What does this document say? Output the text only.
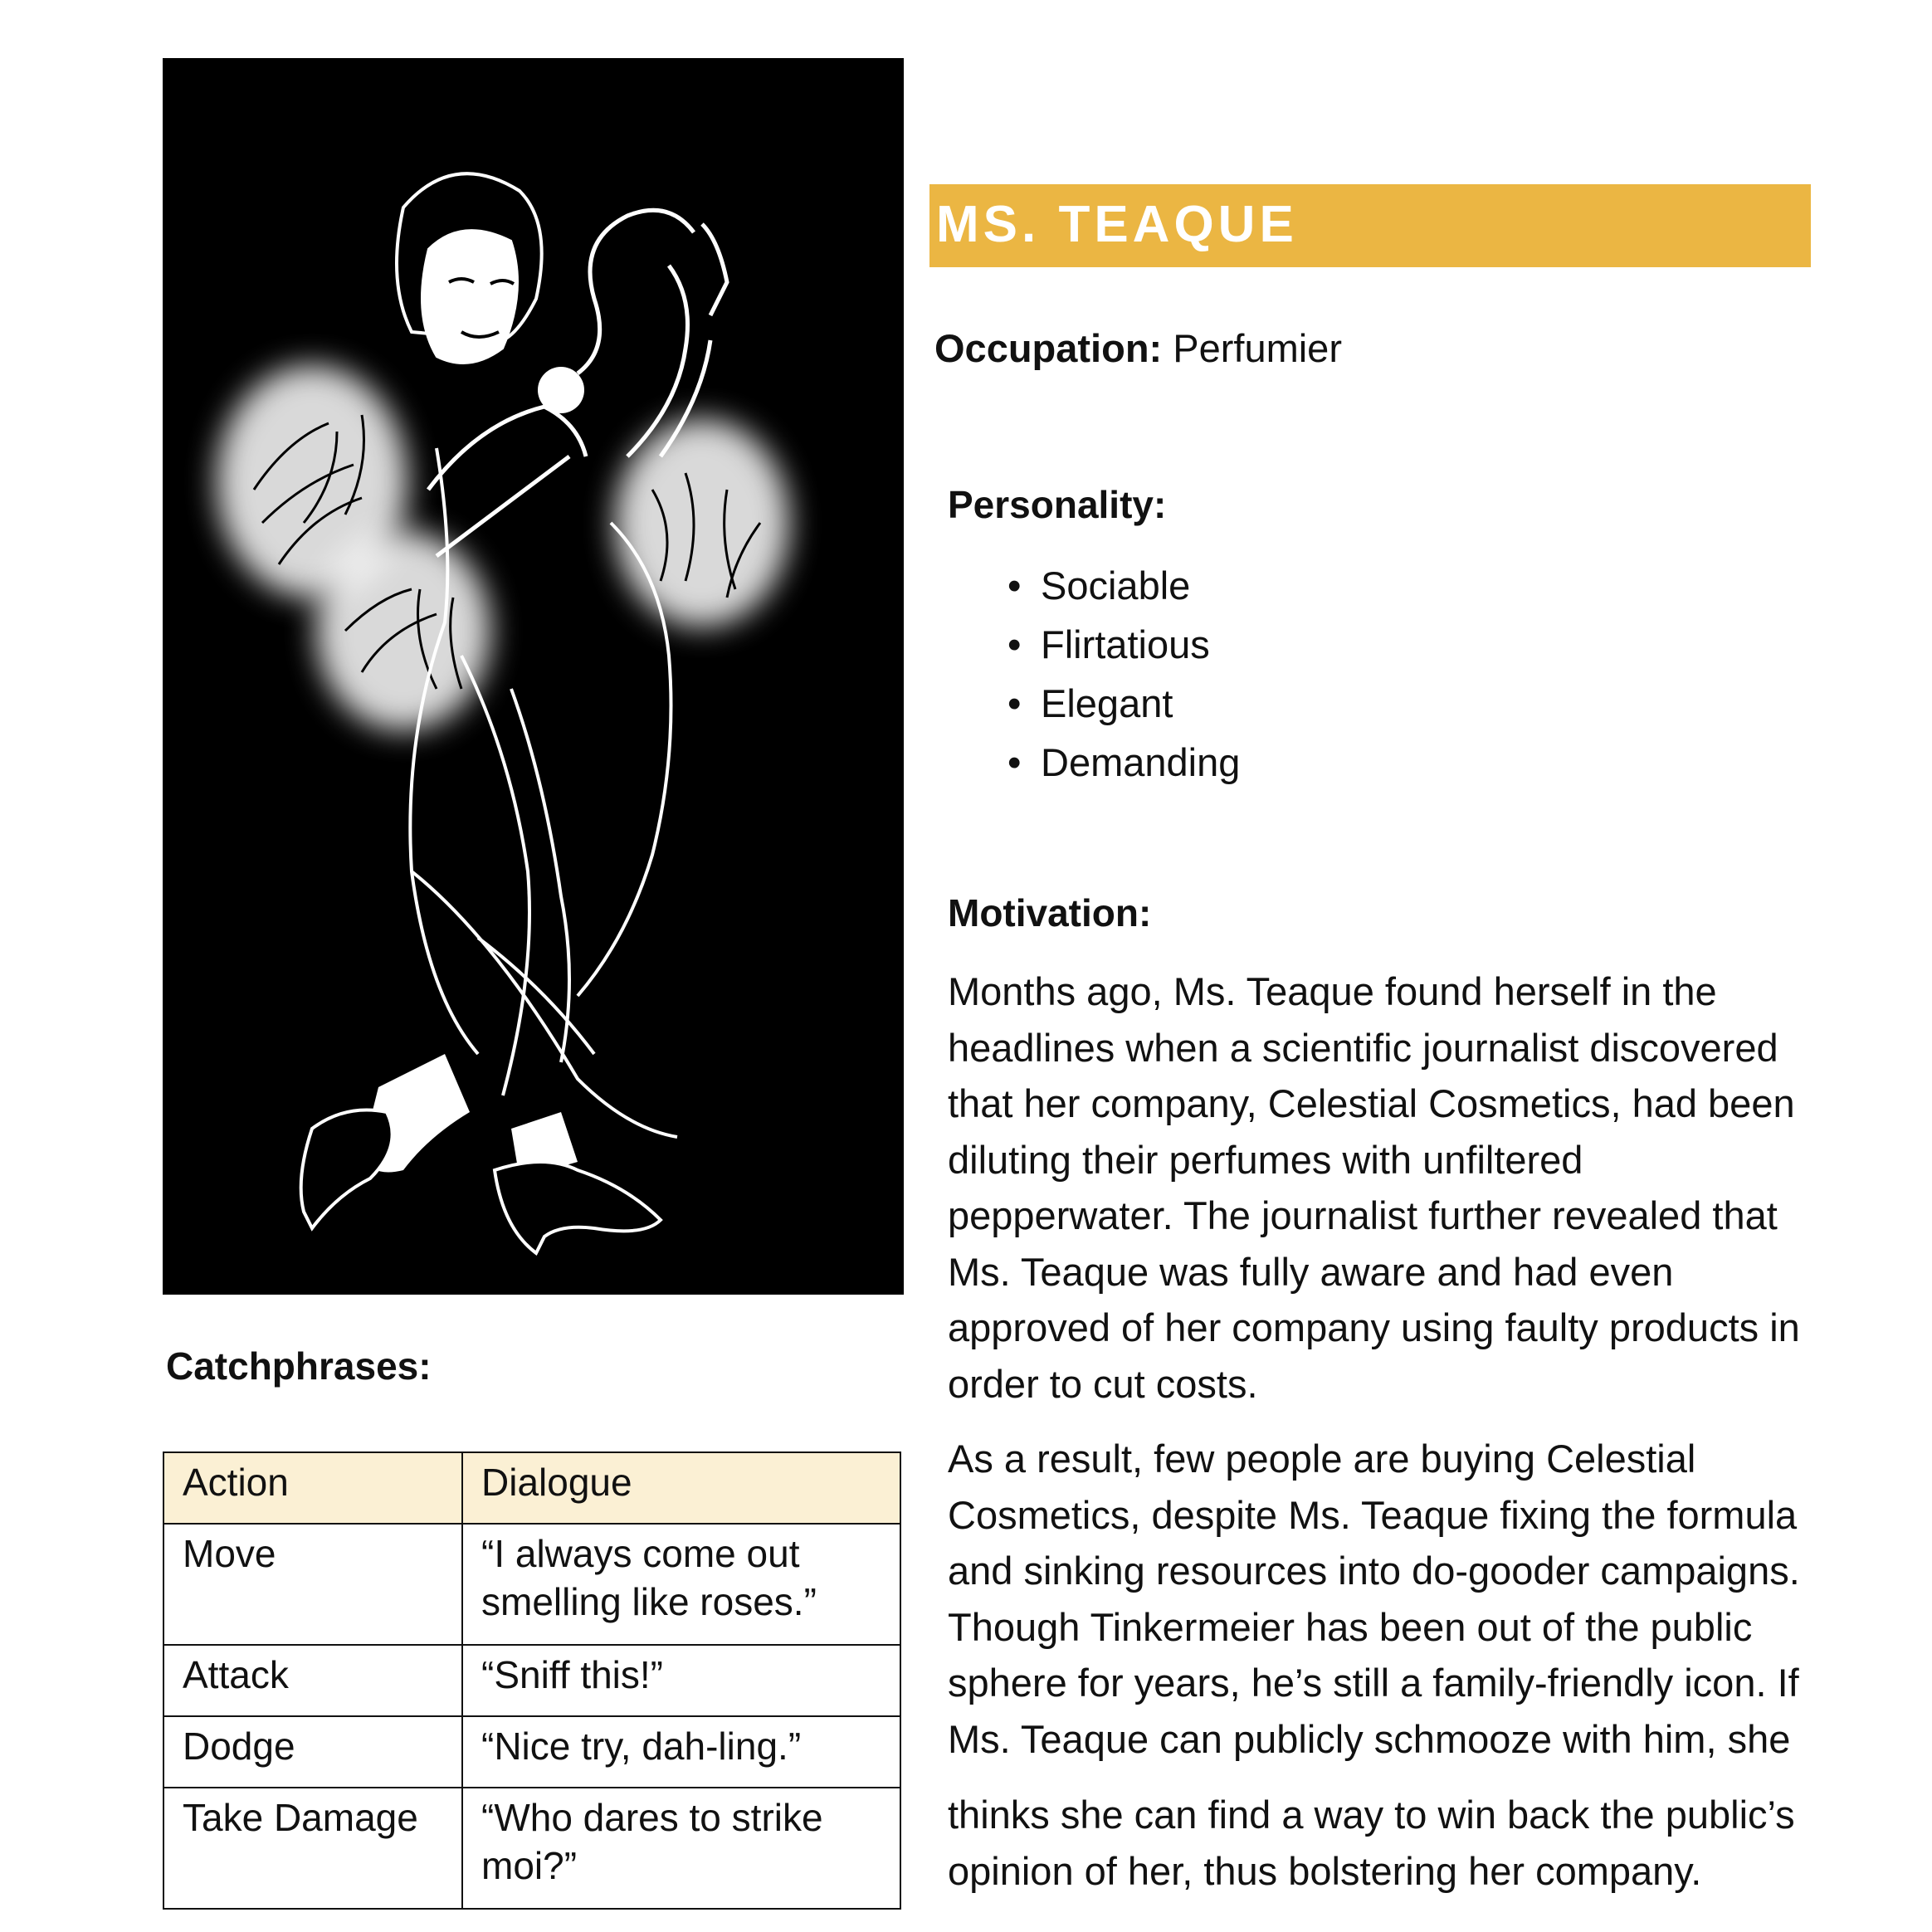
MS. TEAQUE
Occupation: Perfumier
Personality:
• Sociable
• Flirtatious
• Elegant
• Demanding
Motivation:

Months ago, Ms. Teaque found herself in the headlines when a scientific journalist discovered that her company, Celestial Cosmetics, had been diluting their perfumes with unfiltered pepperwater. The journalist further revealed that Ms. Teaque was fully aware and had even approved of her company using faulty products in order to cut costs.

As a result, few people are buying Celestial Cosmetics, despite Ms. Teaque fixing the formula and sinking resources into do-gooder campaigns. Though Tinkermeier has been out of the public sphere for years, he’s still a family-friendly icon. If Ms. Teaque can publicly schmooze with him, she

thinks she can find a way to win back the public’s opinion of her, thus bolstering her company.

Catchphrases:
Action	Dialogue
Move	“I always come out smelling like roses.”
Attack	“Sniff this!”
Dodge	“Nice try, dah-ling.”
Take Damage	“Who dares to strike moi?”
